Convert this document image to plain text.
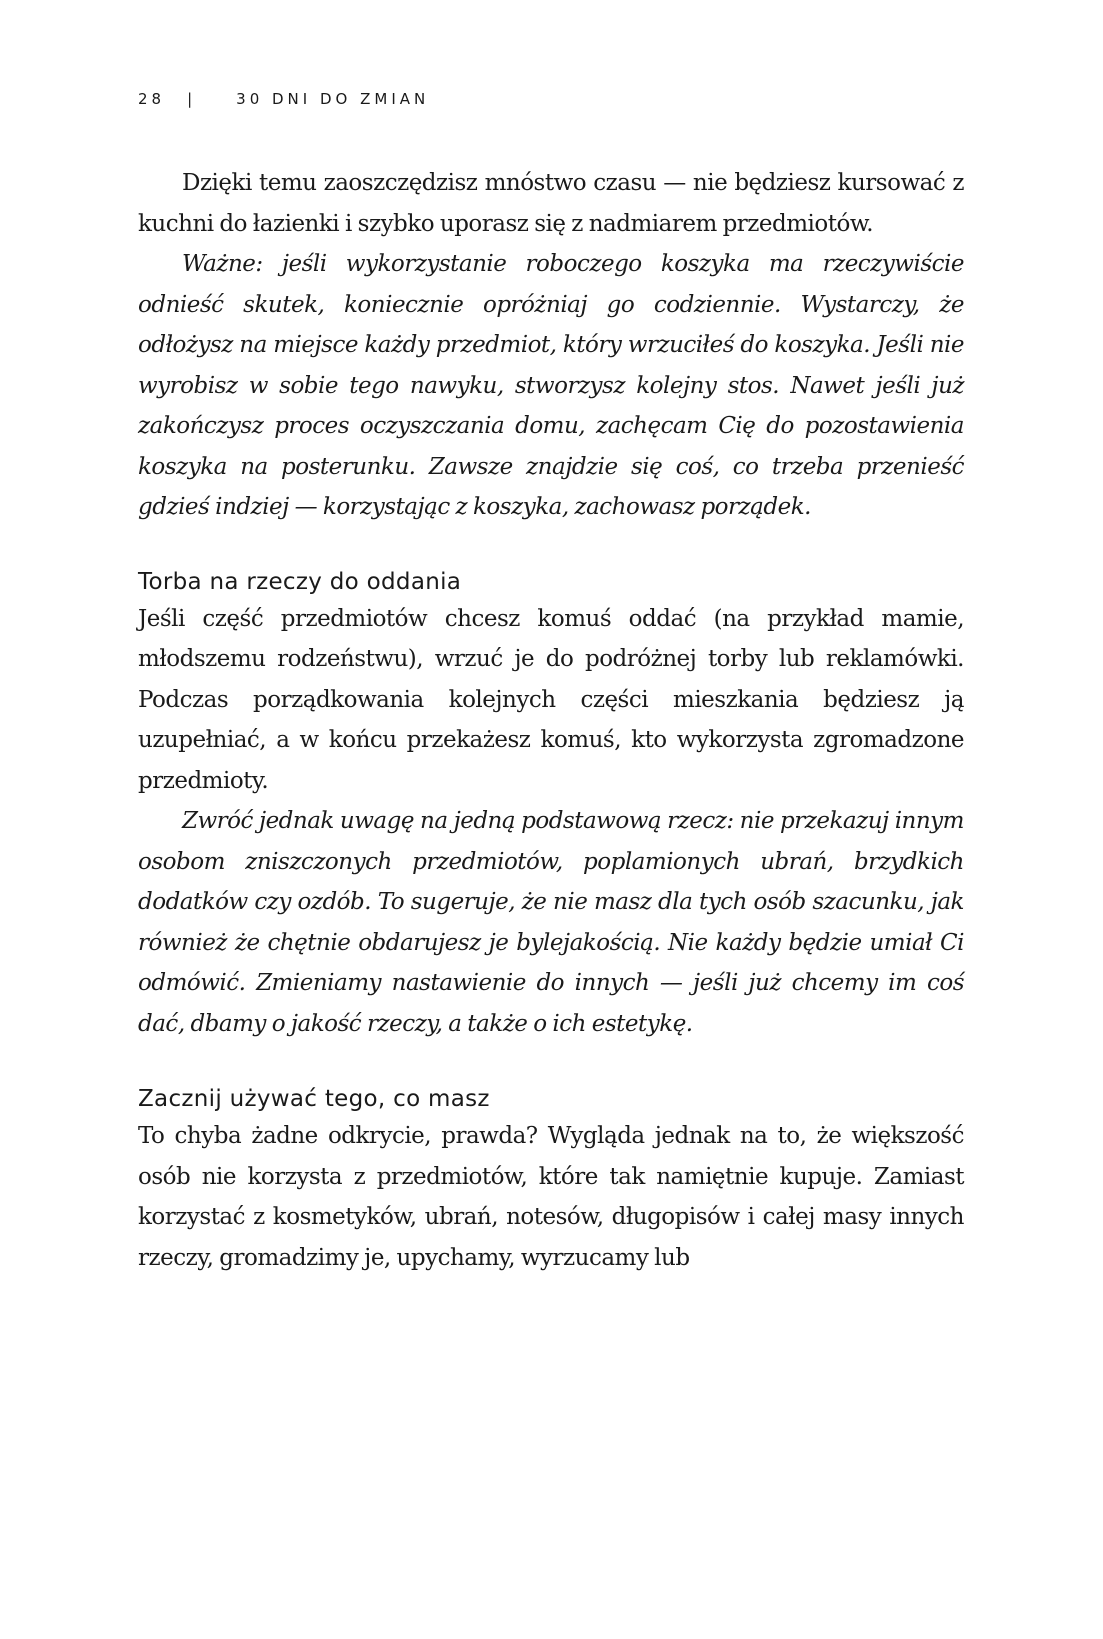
28 |	30 DNI DO ZMIAN

Dzięki temu zaoszczędzisz mnóstwo czasu — nie będziesz kursować z kuchni do łazienki i szybko uporasz się z nadmiarem przedmiotów.

Ważne: jeśli wykorzystanie roboczego koszyka ma rzeczywiście odnieść skutek, koniecznie opróżniaj go codziennie. Wystarczy, że odłożysz na miejsce każdy przedmiot, który wrzuciłeś do koszyka. Jeśli nie wyrobisz w sobie tego nawyku, stworzysz kolejny stos. Nawet jeśli już zakończysz proces oczyszczania domu, zachęcam Cię do pozostawienia koszyka na posterunku. Zawsze znajdzie się coś, co trzeba przenieść gdzieś indziej — korzystając z koszyka, zachowasz porządek.

Torba na rzeczy do oddania

Jeśli część przedmiotów chcesz komuś oddać (na przykład mamie, młodszemu rodzeństwu), wrzuć je do podróżnej torby lub reklamówki. Podczas porządkowania kolejnych części mieszkania będziesz ją uzupełniać, a w końcu przekażesz komuś, kto wykorzysta zgromadzone przedmioty.

Zwróć jednak uwagę na jedną podstawową rzecz: nie przekazuj innym osobom zniszczonych przedmiotów, poplamionych ubrań, brzydkich dodatków czy ozdób. To sugeruje, że nie masz dla tych osób szacunku, jak również że chętnie obdarujesz je bylejakością. Nie każdy będzie umiał Ci odmówić. Zmieniamy nastawienie do innych — jeśli już chcemy im coś dać, dbamy o jakość rzeczy, a także o ich estetykę.

Zacznij używać tego, co masz

To chyba żadne odkrycie, prawda? Wygląda jednak na to, że większość osób nie korzysta z przedmiotów, które tak namiętnie kupuje. Zamiast korzystać z kosmetyków, ubrań, notesów, długopisów i całej masy innych rzeczy, gromadzimy je, upychamy, wyrzucamy lub
